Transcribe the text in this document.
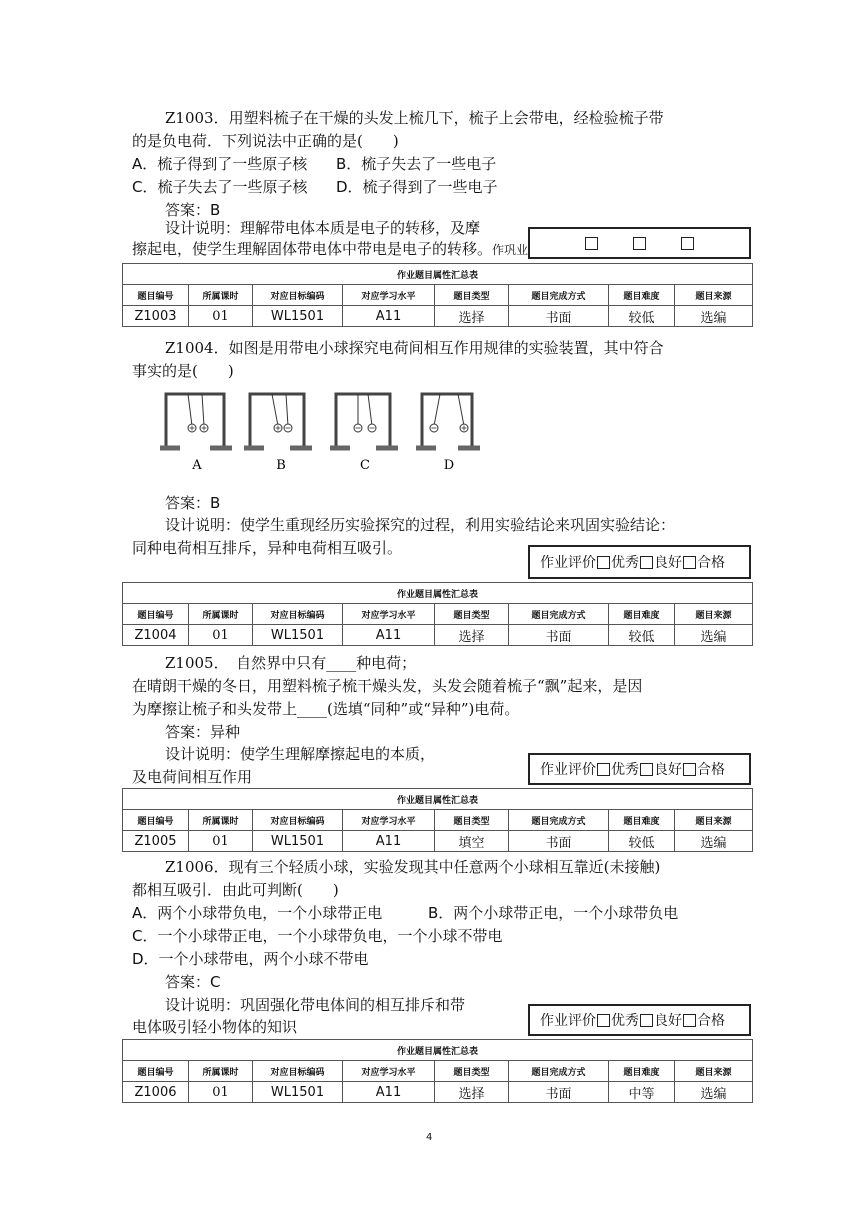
Z1003．用塑料梳子在干燥的头发上梳几下，梳子上会带电，经检验梳子带
的是负电荷．下列说法中正确的是(　　)
A．梳子得到了一些原子核 B．梳子失去了一些电子
C．梳子失去了一些原子核 D．梳子得到了一些电子
答案：B
设计说明：理解带电体本质是电子的转移，及摩
擦起电，使学生理解固体带电体中带电是电子的转移。作巩业
作业题目属性汇总表							
题目编号	所属课时	对应目标编码	对应学习水平	题目类型	题目完成方式	题目难度	题目来源
Z1003	01	WL1501	A11	选择	书面	较低	选编
Z1004．如图是用带电小球探究电荷间相互作用规律的实验装置，其中符合
事实的是(　　)
A	B	C	D
答案：B
设计说明：使学生重现经历实验探究的过程，利用实验结论来巩固实验结论：
同种电荷相互排斥，异种电荷相互吸引。
作业评价 优秀 良好 合格
作业题目属性汇总表							
题目编号	所属课时	对应目标编码	对应学习水平	题目类型	题目完成方式	题目难度	题目来源
Z1004	01	WL1501	A11	选择	书面	较低	选编
Z1005．　自然界中只有____种电荷；
在晴朗干燥的冬日，用塑料梳子梳干燥头发，头发会随着梳子“飘”起来，是因
为摩擦让梳子和头发带上____(选填“同种”或“异种”)电荷。
答案：异种
设计说明：使学生理解摩擦起电的本质，
及电荷间相互作用	作业评价 优秀 良好 合格
作业题目属性汇总表							
题目编号	所属课时	对应目标编码	对应学习水平	题目类型	题目完成方式	题目难度	题目来源
Z1005	01	WL1501	A11	填空	书面	较低	选编
Z1006．现有三个轻质小球，实验发现其中任意两个小球相互靠近(未接触)
都相互吸引．由此可判断(　　)
A．两个小球带负电，一个小球带正电	B．两个小球带正电，一个小球带负电
C．一个小球带正电，一个小球带负电，一个小球不带电
D．一个小球带电，两个小球不带电
答案：C
设计说明：巩固强化带电体间的相互排斥和带
电体吸引轻小物体的知识	作业评价 优秀 良好 合格
作业题目属性汇总表							
题目编号	所属课时	对应目标编码	对应学习水平	题目类型	题目完成方式	题目难度	题目来源
Z1006	01	WL1501	A11	选择	书面	中等	选编
4
